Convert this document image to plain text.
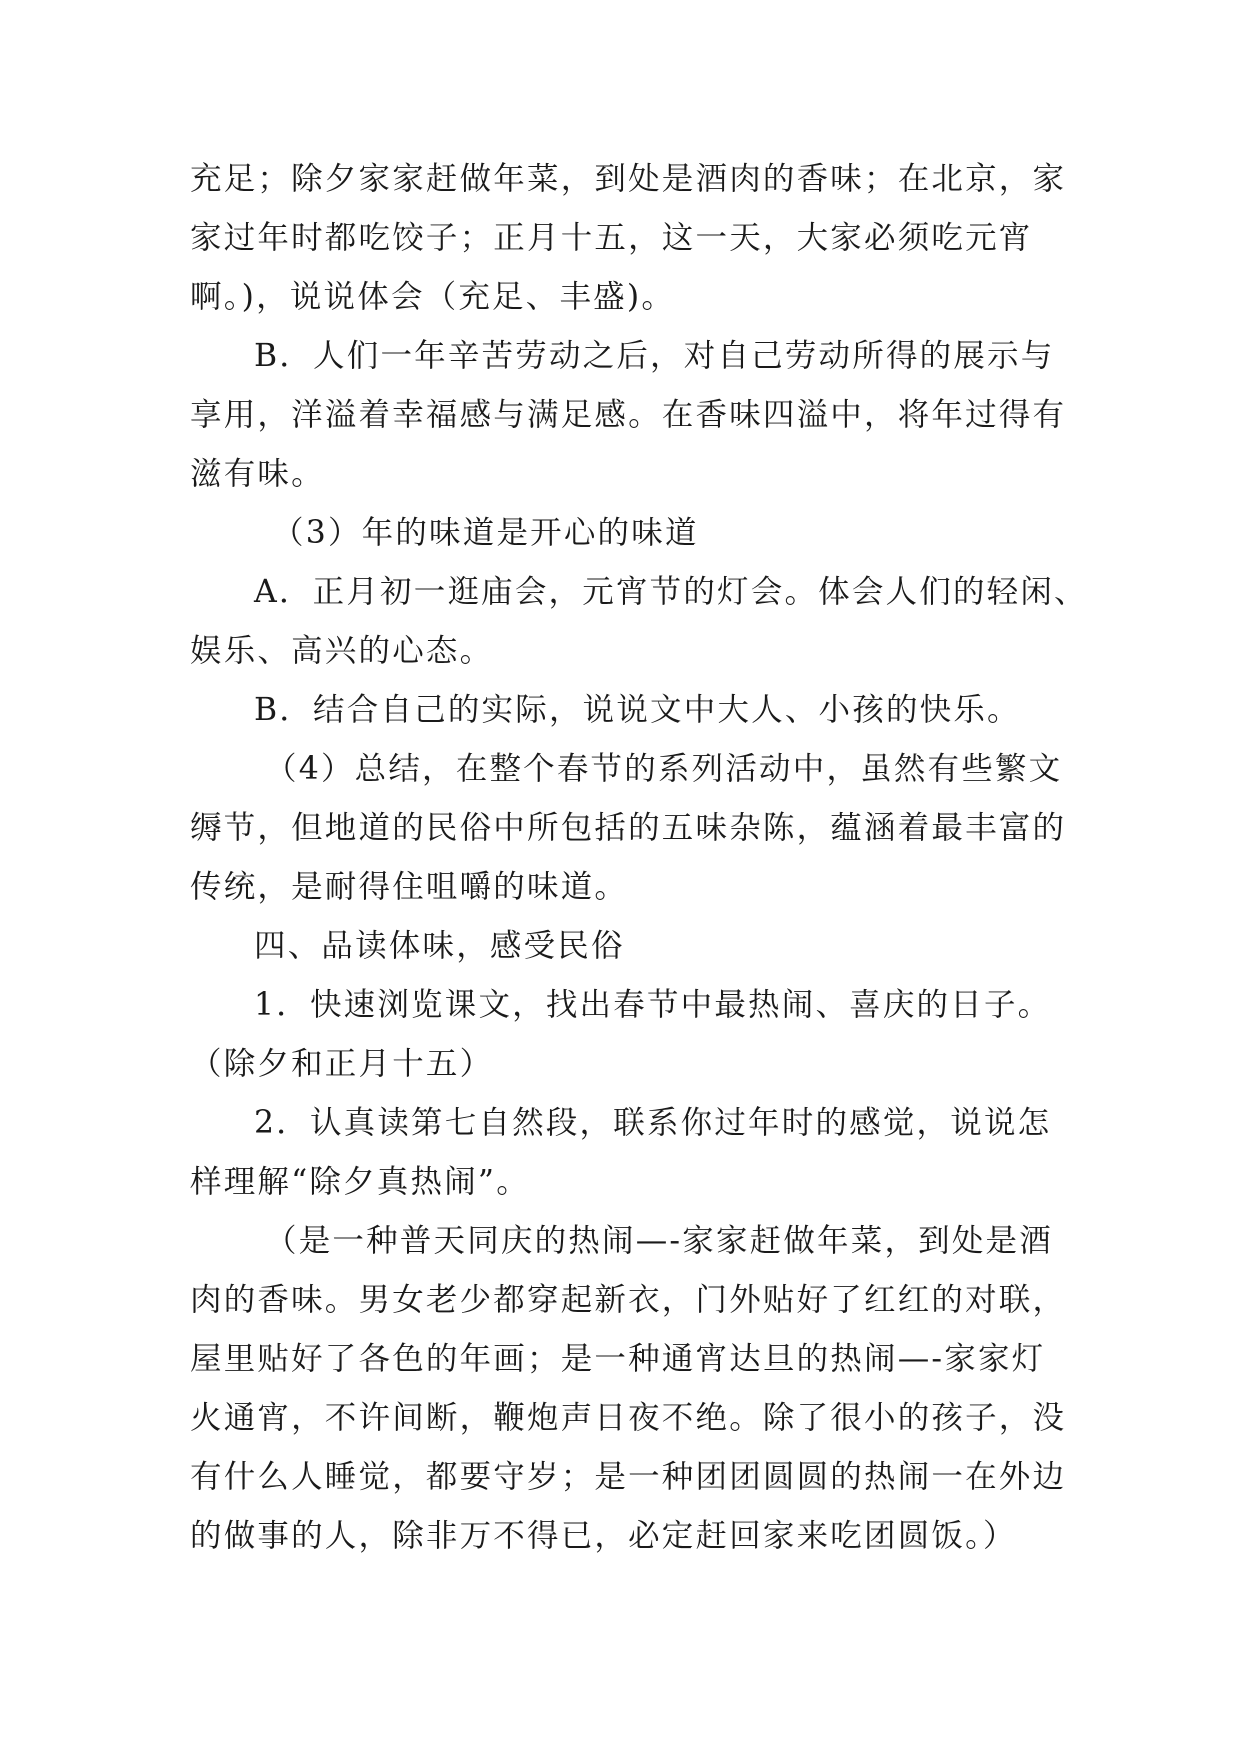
充足；除夕家家赶做年菜，到处是酒肉的香味；在北京，家
家过年时都吃饺子；正月十五，这一天，大家必须吃元宵
啊。)，说说体会（充足、丰盛)。
B．人们一年辛苦劳动之后，对自己劳动所得的展示与
享用，洋溢着幸福感与满足感。在香味四溢中，将年过得有
滋有味。
（3）年的味道是开心的味道
A．正月初一逛庙会，元宵节的灯会。体会人们的轻闲、
娱乐、高兴的心态。
B．结合自己的实际，说说文中大人、小孩的快乐。
（4）总结，在整个春节的系列活动中，虽然有些繁文
缛节，但地道的民俗中所包括的五味杂陈，蕴涵着最丰富的
传统，是耐得住咀嚼的味道。
四、品读体味，感受民俗
1．快速浏览课文，找出春节中最热闹、喜庆的日子。
（除夕和正月十五）
2．认真读第七自然段，联系你过年时的感觉，说说怎
样理解“除夕真热闹”。
（是一种普天同庆的热闹—-家家赶做年菜，到处是酒
肉的香味。男女老少都穿起新衣，门外贴好了红红的对联，
屋里贴好了各色的年画；是一种通宵达旦的热闹—-家家灯
火通宵，不许间断，鞭炮声日夜不绝。除了很小的孩子，没
有什么人睡觉，都要守岁；是一种团团圆圆的热闹一在外边
的做事的人，除非万不得已，必定赶回家来吃团圆饭。）
